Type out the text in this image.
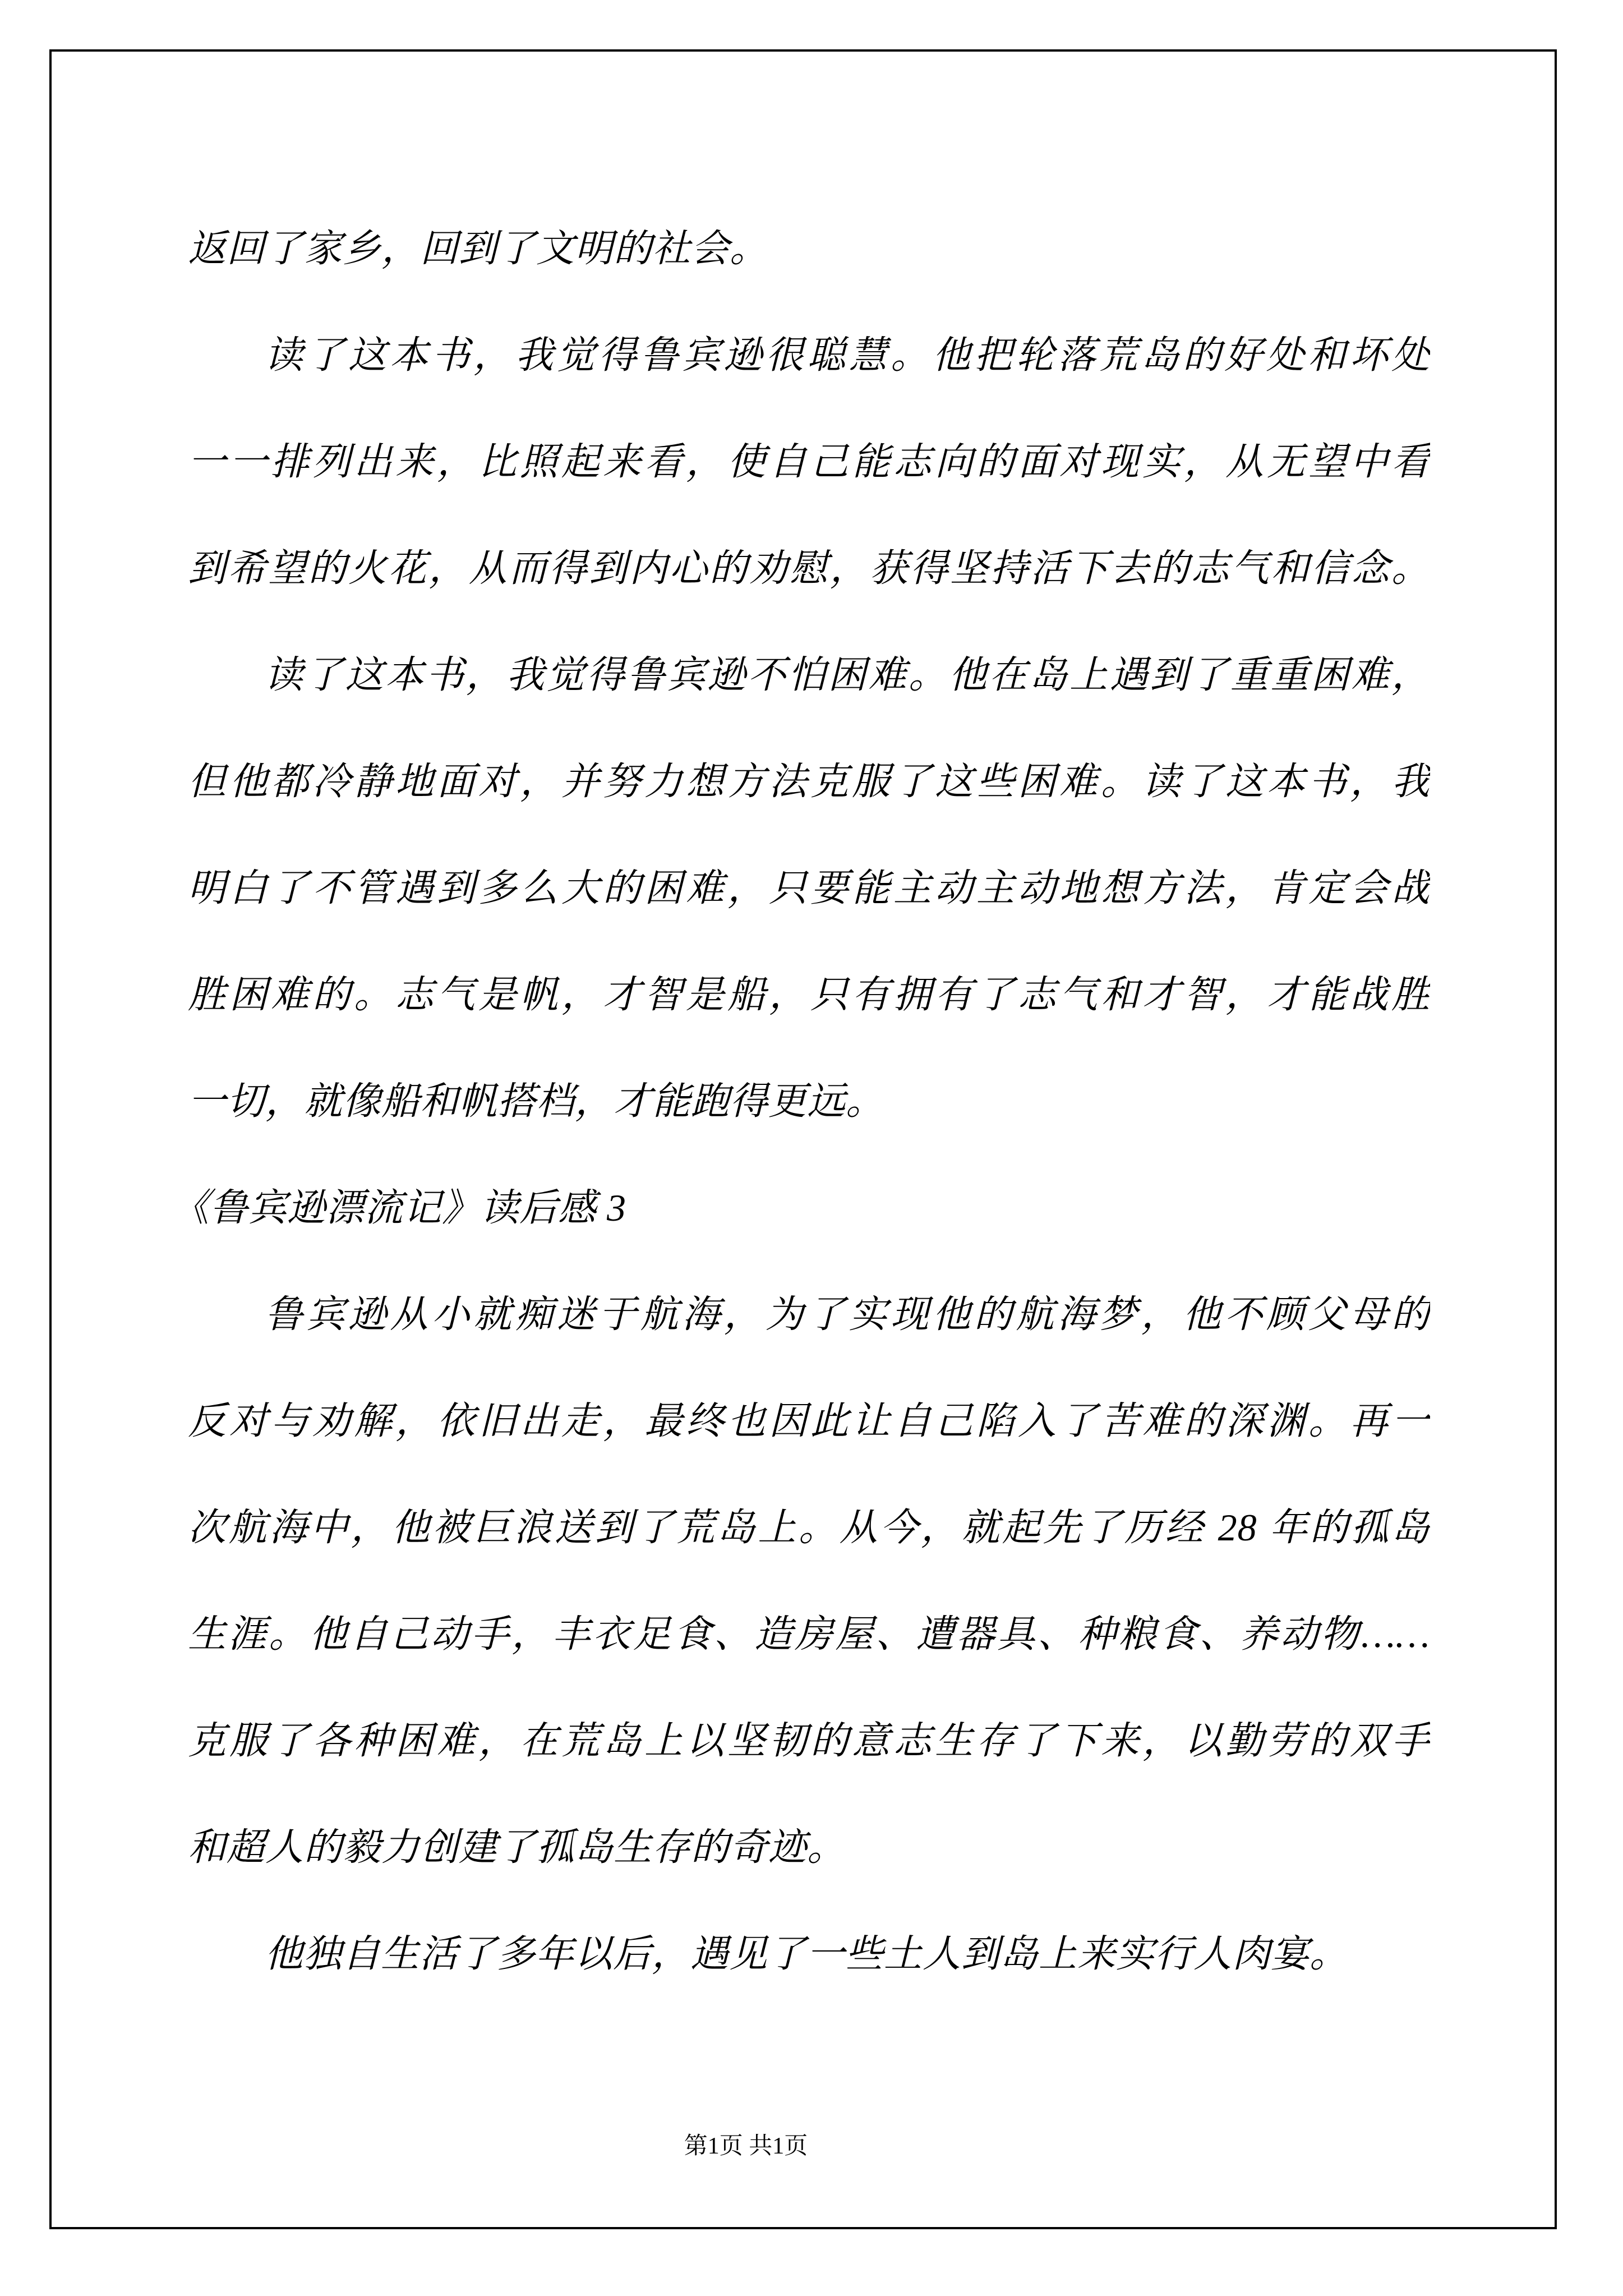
返回了家乡，回到了文明的社会。
读了这本书，我觉得鲁宾逊很聪慧。他把轮落荒岛的好处和坏处
一一排列出来，比照起来看，使自己能志向的面对现实，从无望中看
到希望的火花，从而得到内心的劝慰，获得坚持活下去的志气和信念。
读了这本书，我觉得鲁宾逊不怕困难。他在岛上遇到了重重困难，
但他都冷静地面对，并努力想方法克服了这些困难。读了这本书，我
明白了不管遇到多么大的困难，只要能主动主动地想方法，肯定会战
胜困难的。志气是帆，才智是船，只有拥有了志气和才智，才能战胜
一切，就像船和帆搭档，才能跑得更远。
《鲁宾逊漂流记》读后感 3
鲁宾逊从小就痴迷于航海，为了实现他的航海梦，他不顾父母的
反对与劝解，依旧出走，最终也因此让自己陷入了苦难的深渊。再一
次航海中，他被巨浪送到了荒岛上。从今，就起先了历经 28 年的孤岛
生涯。他自己动手，丰衣足食、造房屋、遭器具、种粮食、养动物……
克服了各种困难，在荒岛上以坚韧的意志生存了下来，以勤劳的双手
和超人的毅力创建了孤岛生存的奇迹。
他独自生活了多年以后，遇见了一些土人到岛上来实行人肉宴。
第1页 共1页
